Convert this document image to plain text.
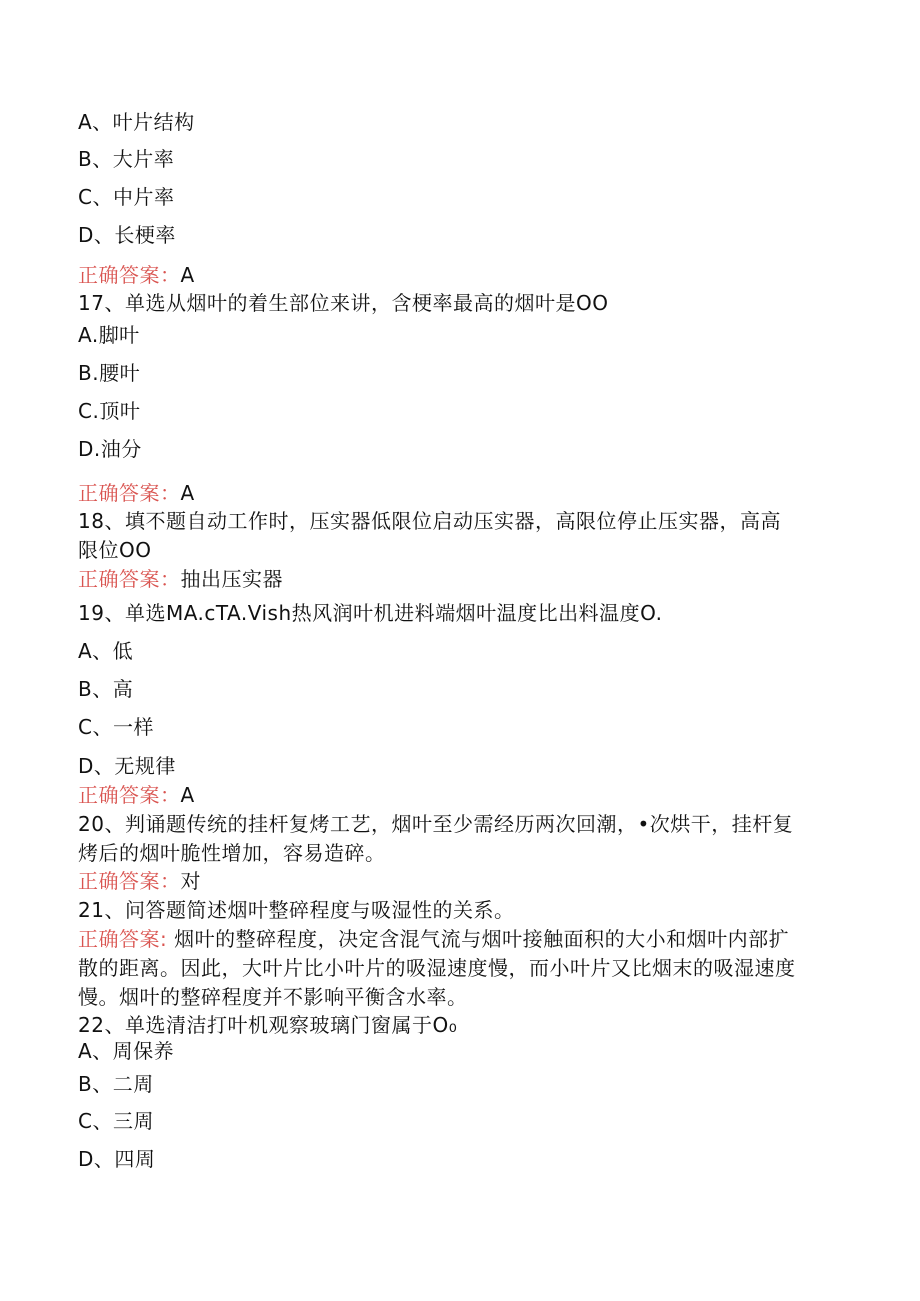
A、叶片结构
B、大片率
C、中片率
D、长梗率
正确答案：A
17、单选从烟叶的着生部位来讲，含梗率最高的烟叶是OO
A.脚叶
B.腰叶
C.顶叶
D.油分
正确答案：A
18、填不题自动工作时，压实器低限位启动压实器，高限位停止压实器，高高
限位OO
正确答案：抽出压实器
19、单选MA.cTA.Vish热风润叶机进料端烟叶温度比出料温度O.
A、低
B、高
C、一样
D、无规律
正确答案：A
20、判诵题传统的挂杆复烤工艺，烟叶至少需经历两次回潮，•次烘干，挂杆复
烤后的烟叶脆性增加，容易造碎。
正确答案：对
21、问答题简述烟叶整碎程度与吸湿性的关系。
正确答案: 烟叶的整碎程度，决定含混气流与烟叶接触面积的大小和烟叶内部扩
散的距离。因此，大叶片比小叶片的吸湿速度慢，而小叶片又比烟末的吸湿速度
慢。烟叶的整碎程度并不影响平衡含水率。
22、单选清洁打叶机观察玻璃门窗属于O₀
A、周保养
B、二周
C、三周
D、四周
